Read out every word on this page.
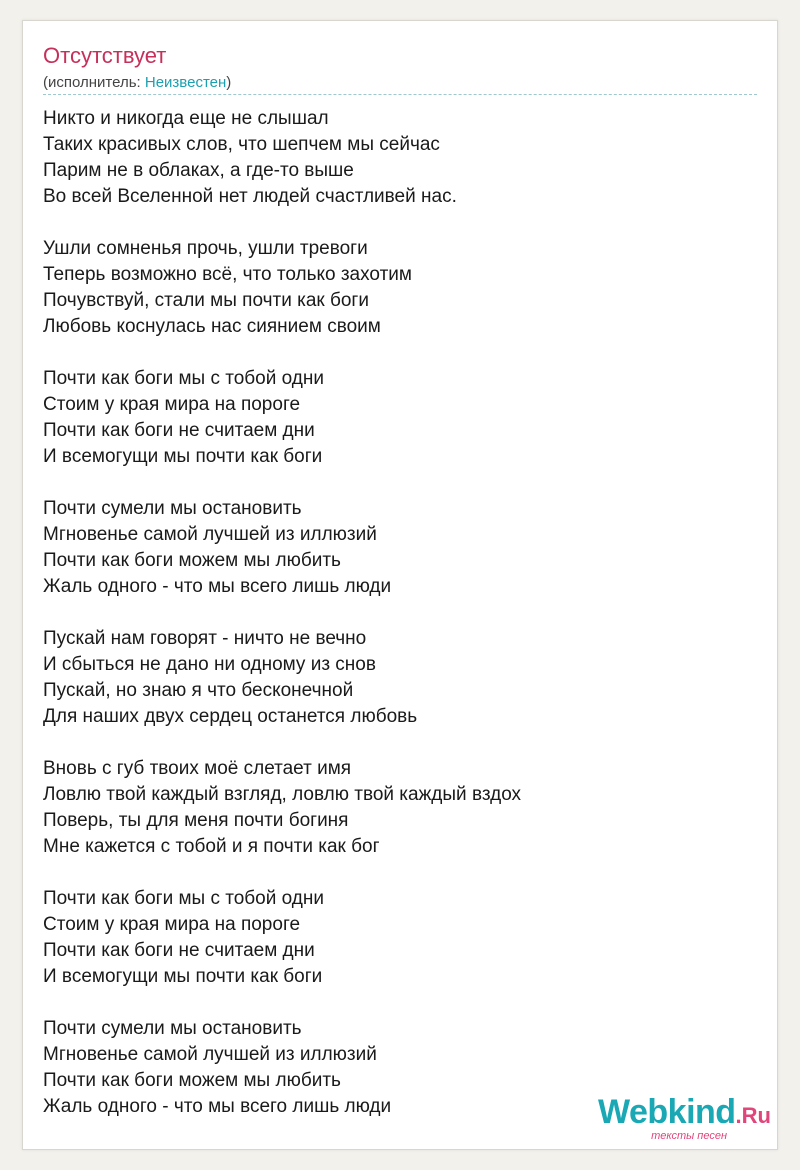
Отсутствует
(исполнитель: Неизвестен)
Никто и никогда еще не слышал
Таких красивых слов, что шепчем мы сейчас
Парим не в облаках, а где-то выше
Во всей Вселенной нет людей счастливей нас.
Ушли сомненья прочь, ушли тревоги
Теперь возможно всё, что только захотим
Почувствуй, стали мы почти как боги
Любовь коснулась нас сиянием своим
Почти как боги мы с тобой одни
Стоим у края мира на пороге
Почти как боги не считаем дни
И всемогущи мы почти как боги
Почти сумели мы остановить
Мгновенье самой лучшей из иллюзий
Почти как боги можем мы любить
Жаль одного - что мы всего лишь люди
Пускай нам говорят - ничто не вечно
И сбыться не дано ни одному из снов
Пускай, но знаю я что бесконечной
Для наших двух сердец останется любовь
Вновь с губ твоих моё слетает имя
Ловлю твой каждый взгляд, ловлю твой каждый вздох
Поверь, ты для меня почти богиня
Мне кажется с тобой и я почти как бог
Почти как боги мы с тобой одни
Стоим у края мира на пороге
Почти как боги не считаем дни
И всемогущи мы почти как боги
Почти сумели мы остановить
Мгновенье самой лучшей из иллюзий
Почти как боги можем мы любить
Жаль одного - что мы всего лишь люди	Webkind.Ru
тексты песен
